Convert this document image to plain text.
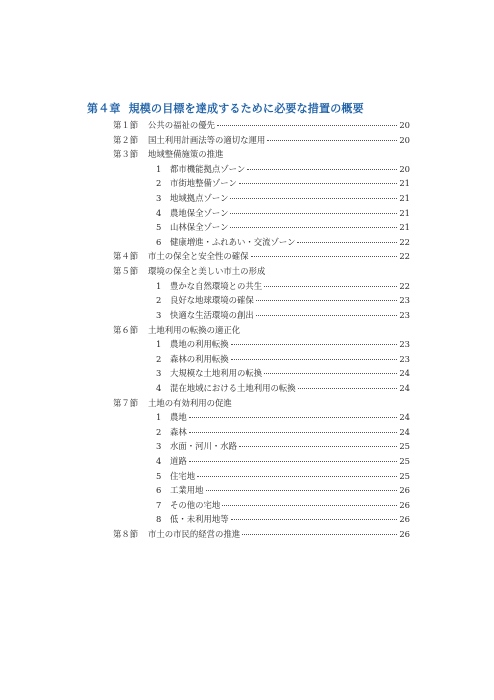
第４章 規模の目標を達成するために必要な措置の概要
第１節	公共の福祉の優先	20
第２節	国土利用計画法等の適切な運用	20
第３節	地域整備施策の推進
1	都市機能拠点ゾーン	20
2	市街地整備ゾーン	21
3	地域拠点ゾーン	21
4	農地保全ゾーン	21
5	山林保全ゾーン	21
6	健康増進・ふれあい・交流ゾーン	22
第４節	市土の保全と安全性の確保	22
第５節	環境の保全と美しい市土の形成
1	豊かな自然環境との共生	22
2	良好な地球環境の確保	23
3	快適な生活環境の創出	23
第６節	土地利用の転換の適正化
1	農地の利用転換	23
2	森林の利用転換	23
3	大規模な土地利用の転換	24
4	混在地域における土地利用の転換	24
第７節	土地の有効利用の促進
1	農地	24
2	森林	24
3	水面・河川・水路	25
4	道路	25
5	住宅地	25
6	工業用地	26
7	その他の宅地	26
8	低・未利用地等	26
第８節	市土の市民的経営の推進	26
